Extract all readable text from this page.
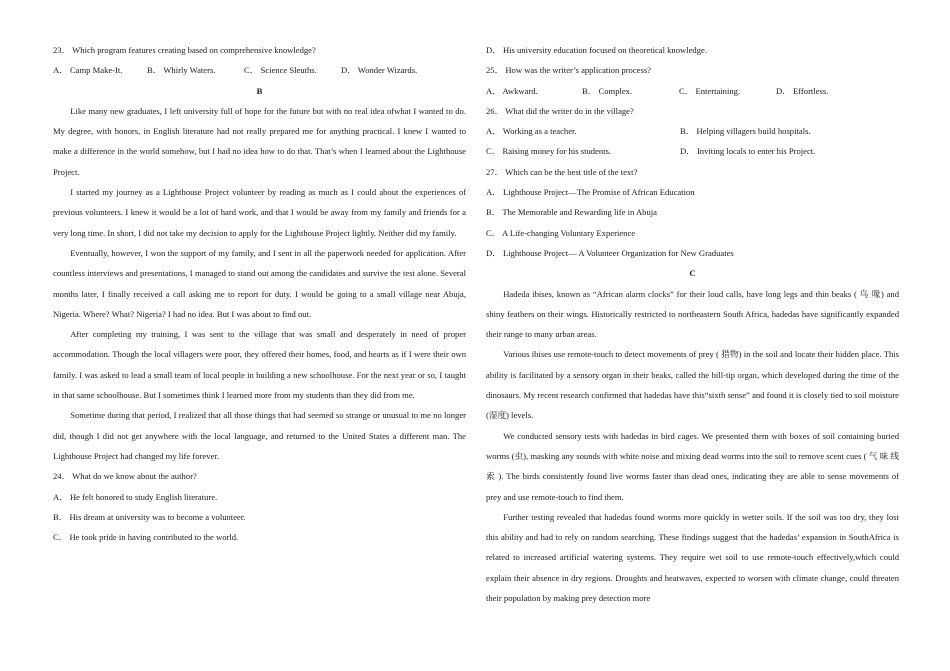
23． Which program features creating based on comprehensive knowledge?
A． Camp Make-It.	B． Whirly Waters.	C． Science Sleuths.	D． Wonder Wizards.
B

Like many new graduates, I left university full of hope for the future but with no real idea ofwhat I wanted to do. My degree, with honors, in English literature had not really prepared me for anything practical. I knew I wanted to make a difference in the world somehow, but I had no idea how to do that. That’s when I learned about the Lighthouse Project.

I started my journey as a Lighthouse Project volunteer by reading as much as I could about the experiences of previous volunteers. I knew it would be a lot of hard work, and that I would be away from my family and friends for a very long time. In short, I did not take my decision to apply for the Lighthouse Project lightly. Neither did my family.

Eventually, however, I won the support of my family, and I sent in all the paperwork needed for application. After countless interviews and presentations, I managed to stand out among the candidates and survive the test alone. Several months later, I finally received a call asking me to report for duty. I would be going to a small village near Abuja, Nigeria. Where? What? Nigeria? I had no idea. But I was about to find out.

After completing my training, I was sent to the village that was small and desperately in need of proper accommodation. Though the local villagers were poor, they offered their homes, food, and hearts as if I were their own family. I was asked to lead a small team of local people in building a new schoolhouse. For the next year or so, I taught in that same schoolhouse. But I sometimes think I learned more from my students than they did from me.

Sometime during that period, I realized that all those things that had seemed so strange or unusual to me no longer did, though I did not get anywhere with the local language, and returned to the United States a different man. The Lighthouse Project had changed my life forever.

24． What do we know about the author?
A． He felt honored to study English literature.
B． His dream at university was to become a volunteer.
C． He took pride in having contributed to the world.
D． His university education focused on theoretical knowledge.
25． How was the writer’s application process?
A． Awkward.	B． Complex.	C． Entertaining.	D． Effortless.
26． What did the writer do in the village?
A． Working as a teacher.	B． Helping villagers build hospitals.
C． Raising money for his students.	D． Inviting locals to enter his Project.
27． Which can be the best title of the text?
A． Lighthouse Project—The Promise of African Education
B． The Memorable and Rewarding life in Abuja
C． A Life-changing Voluntary Experience
D． Lighthouse Project— A Volunteer Organization for New Graduates
C

Hadeda ibises, known as “African alarm clocks” for their loud calls, have long legs and thin beaks ( 鸟 喙) and shiny feathers on their wings. Historically restricted to northeastern South Africa, hadedas have significantly expanded their range to many urban areas.

Various ibises use remote-touch to detect movements of prey ( 猎物) in the soil and locate their hidden place. This ability is facilitated by a sensory organ in their beaks, called the bill-tip organ, which developed during the time of the dinosaurs. My recent research confirmed that hadedas have this“sixth sense” and found it is closely tied to soil moisture (湿度) levels.

We conducted sensory tests with hadedas in bird cages. We presented them with boxes of soil containing buried worms (虫), masking any sounds with white noise and mixing dead worms into the soil to remove scent cues ( 气 味 线 索 ). The birds consistently found live worms faster than dead ones, indicating they are able to sense movements of prey and use remote-touch to find them.

Further testing revealed that hadedas found worms more quickly in wetter soils. If the soil was too dry, they lost this ability and had to rely on random searching. These findings suggest that the hadedas’ expansion in SouthAfrica is related to increased artificial watering systems. They require wet soil to use remote-touch effectively,which could explain their absence in dry regions. Droughts and heatwaves, expected to worsen with climate change, could threaten their population by making prey detection more
